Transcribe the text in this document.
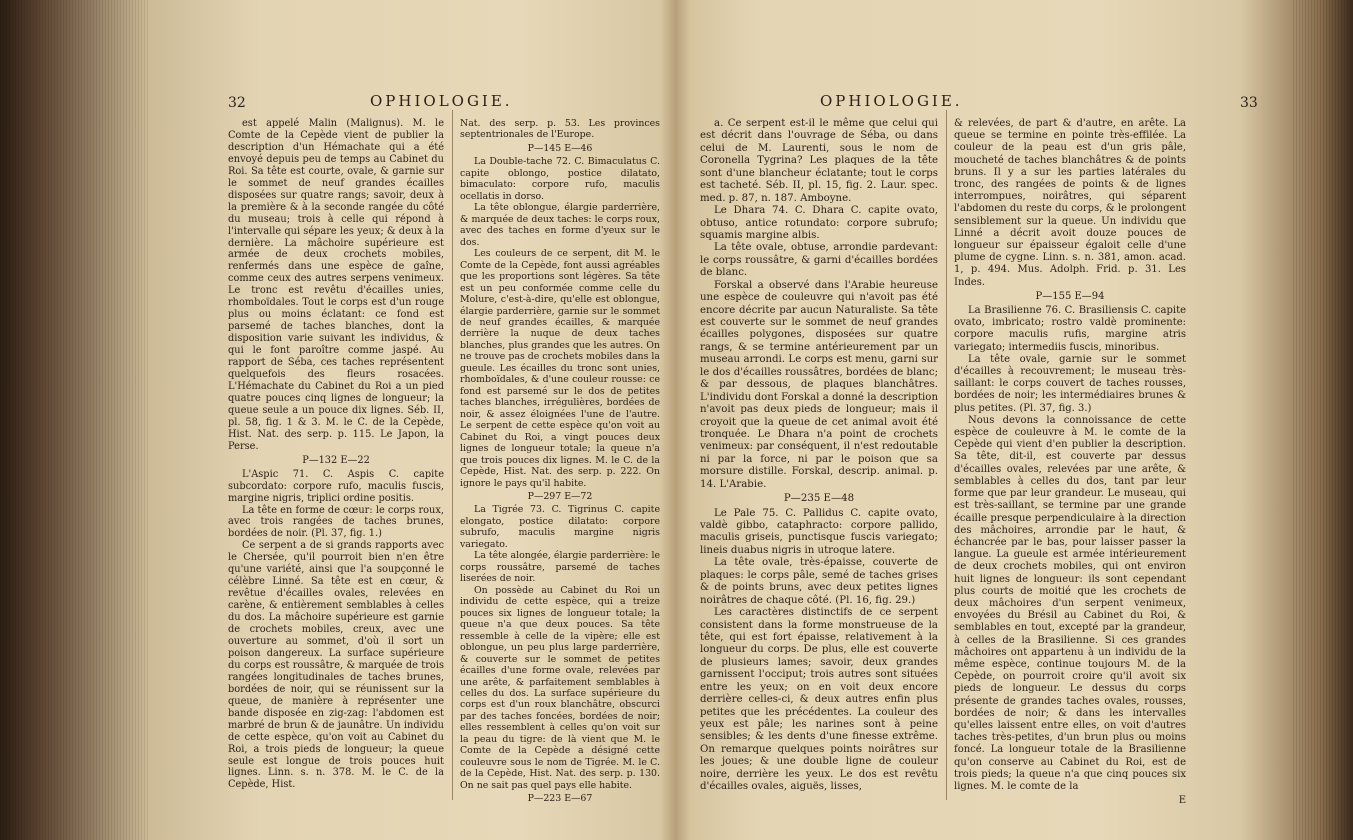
32	OPHIOLOGIE.

est appelé Malin (Malignus). M. le Comte de la Cepède vient de publier la description d'un Hémachate qui a été envoyé depuis peu de temps au Cabinet du Roi. Sa tête est courte, ovale, & garnie sur le sommet de neuf grandes écailles disposées sur quatre rangs; savoir, deux à la première & à la seconde rangée du côté du museau; trois à celle qui répond à l'intervalle qui sépare les yeux; & deux à la dernière. La mâchoire supérieure est armée de deux crochets mobiles, renfermés dans une espèce de gaîne, comme ceux des autres serpens venimeux. Le tronc est revêtu d'écailles unies, rhomboïdales. Tout le corps est d'un rouge plus ou moins éclatant: ce fond est parsemé de taches blanches, dont la disposition varie suivant les individus, & qui le font paroître comme jaspé. Au rapport de Séba, ces taches représentent quelquefois des fleurs rosacées. L'Hémachate du Cabinet du Roi a un pied quatre pouces cinq lignes de longueur; la queue seule a un pouce dix lignes. Séb. II, pl. 58, fig. 1 & 3. M. le C. de la Cepède, Hist. Nat. des serp. p. 115. Le Japon, la Perse.

P—132 E—22

L'Aspic 71. C. Aspis C. capite subcordato: corpore rufo, maculis fuscis, margine nigris, triplici ordine positis.

La tête en forme de cœur: le corps roux, avec trois rangées de taches brunes, bordées de noir. (Pl. 37, fig. 1.)

Ce serpent a de si grands rapports avec le Chersée, qu'il pourroit bien n'en être qu'une variété, ainsi que l'a soupçonné le célèbre Linné. Sa tête est en cœur, & revêtue d'écailles ovales, relevées en carène, & entièrement semblables à celles du dos. La mâchoire supérieure est garnie de crochets mobiles, creux, avec une ouverture au sommet, d'où il sort un poison dangereux. La surface supérieure du corps est roussâtre, & marquée de trois rangées longitudinales de taches brunes, bordées de noir, qui se réunissent sur la queue, de manière à représenter une bande disposée en zig-zag: l'abdomen est marbré de brun & de jaunâtre. Un individu de cette espèce, qu'on voit au Cabinet du Roi, a trois pieds de longueur; la queue seule est longue de trois pouces huit lignes. Linn. s. n. 378. M. le C. de la Cepède, Hist.

Nat. des serp. p. 53. Les provinces septentrionales de l'Europe.

P—145 E—46

La Double-tache 72. C. Bimaculatus C. capite oblongo, postice dilatato, bimaculato: corpore rufo, maculis ocellatis in dorso.

La tête oblongue, élargie parderrière, & marquée de deux taches: le corps roux, avec des taches en forme d'yeux sur le dos.

Les couleurs de ce serpent, dit M. le Comte de la Cepède, font aussi agréables que les proportions sont légères. Sa tête est un peu conformée comme celle du Molure, c'est-à-dire, qu'elle est oblongue, élargie parderrière, garnie sur le sommet de neuf grandes écailles, & marquée derrière la nuque de deux taches blanches, plus grandes que les autres. On ne trouve pas de crochets mobiles dans la gueule. Les écailles du tronc sont unies, rhomboïdales, & d'une couleur rousse: ce fond est parsemé sur le dos de petites taches blanches, irrégulières, bordées de noir, & assez éloignées l'une de l'autre. Le serpent de cette espèce qu'on voit au Cabinet du Roi, a vingt pouces deux lignes de longueur totale; la queue n'a que trois pouces dix lignes. M. le C. de la Cepède, Hist. Nat. des serp. p. 222. On ignore le pays qu'il habite.

P—297 E—72

La Tigrée 73. C. Tigrinus C. capite elongato, postice dilatato: corpore subrufo, maculis margine nigris variegato.

La tête alongée, élargie parderrière: le corps roussâtre, parsemé de taches liserées de noir.

On possède au Cabinet du Roi un individu de cette espèce, qui a treize pouces six lignes de longueur totale; la queue n'a que deux pouces. Sa tête ressemble à celle de la vipère; elle est oblongue, un peu plus large parderrière, & couverte sur le sommet de petites écailles d'une forme ovale, relevées par une arête, & parfaitement semblables à celles du dos. La surface supérieure du corps est d'un roux blanchâtre, obscurci par des taches foncées, bordées de noir; elles ressemblent à celles qu'on voit sur la peau du tigre: de là vient que M. le Comte de la Cepède a désigné cette couleuvre sous le nom de Tigrée. M. le C. de la Cepède, Hist. Nat. des serp. p. 130. On ne sait pas quel pays elle habite.

P—223 E—67

OPHIOLOGIE.	33

a. Ce serpent est-il le même que celui qui est décrit dans l'ouvrage de Séba, ou dans celui de M. Laurenti, sous le nom de Coronella Tygrina? Les plaques de la tête sont d'une blancheur éclatante; tout le corps est tacheté. Séb. II, pl. 15, fig. 2. Laur. spec. med. p. 87, n. 187. Amboyne.

Le Dhara 74. C. Dhara C. capite ovato, obtuso, antice rotundato: corpore subrufo; squamis margine albis.

La tête ovale, obtuse, arrondie pardevant: le corps roussâtre, & garni d'écailles bordées de blanc.

Forskal a observé dans l'Arabie heureuse une espèce de couleuvre qui n'avoit pas été encore décrite par aucun Naturaliste. Sa tête est couverte sur le sommet de neuf grandes écailles polygones, disposées sur quatre rangs, & se termine antérieurement par un museau arrondi. Le corps est menu, garni sur le dos d'écailles roussâtres, bordées de blanc; & par dessous, de plaques blanchâtres. L'individu dont Forskal a donné la description n'avoit pas deux pieds de longueur; mais il croyoit que la queue de cet animal avoit été tronquée. Le Dhara n'a point de crochets venimeux: par conséquent, il n'est redoutable ni par la force, ni par le poison que sa morsure distille. Forskal, descrip. animal. p. 14. L'Arabie.

P—235 E—48

Le Pale 75. C. Pallidus C. capite ovato, valdè gibbo, cataphracto: corpore pallido, maculis griseis, punctisque fuscis variegato; lineis duabus nigris in utroque latere.

La tête ovale, très-épaisse, couverte de plaques: le corps pâle, semé de taches grises & de points bruns, avec deux petites lignes noirâtres de chaque côté. (Pl. 16, fig. 29.)

Les caractères distinctifs de ce serpent consistent dans la forme monstrueuse de la tête, qui est fort épaisse, relativement à la longueur du corps. De plus, elle est couverte de plusieurs lames; savoir, deux grandes garnissent l'occiput; trois autres sont situées entre les yeux; on en voit deux encore derrière celles-ci, & deux autres enfin plus petites que les précédentes. La couleur des yeux est pâle; les narines sont à peine sensibles; & les dents d'une finesse extrême. On remarque quelques points noirâtres sur les joues; & une double ligne de couleur noire, derrière les yeux. Le dos est revêtu d'écailles ovales, aiguës, lisses,

& relevées, de part & d'autre, en arête. La queue se termine en pointe très-effilée. La couleur de la peau est d'un gris pâle, moucheté de taches blanchâtres & de points bruns. Il y a sur les parties latérales du tronc, des rangées de points & de lignes interrompues, noirâtres, qui séparent l'abdomen du reste du corps, & le prolongent sensiblement sur la queue. Un individu que Linné a décrit avoit douze pouces de longueur sur épaisseur égaloit celle d'une plume de cygne. Linn. s. n. 381, amon. acad. 1, p. 494. Mus. Adolph. Frid. p. 31. Les Indes.

P—155 E—94

La Brasilienne 76. C. Brasiliensis C. capite ovato, imbricato; rostro valdè prominente: corpore maculis rufis, margine atris variegato; intermediis fuscis, minoribus.

La tête ovale, garnie sur le sommet d'écailles à recouvrement; le museau très-saillant: le corps couvert de taches rousses, bordées de noir; les intermédiaires brunes & plus petites. (Pl. 37, fig. 3.)

Nous devons la connoissance de cette espèce de couleuvre à M. le comte de la Cepède qui vient d'en publier la description. Sa tête, dit-il, est couverte par dessus d'écailles ovales, relevées par une arête, & semblables à celles du dos, tant par leur forme que par leur grandeur. Le museau, qui est très-saillant, se termine par une grande écaille presque perpendiculaire à la direction des mâchoires, arrondie par le haut, & échancrée par le bas, pour laisser passer la langue. La gueule est armée intérieurement de deux crochets mobiles, qui ont environ huit lignes de longueur: ils sont cependant plus courts de moitié que les crochets de deux mâchoires d'un serpent venimeux, envoyées du Brésil au Cabinet du Roi, & semblables en tout, excepté par la grandeur, à celles de la Brasilienne. Si ces grandes mâchoires ont appartenu à un individu de la même espèce, continue toujours M. de la Cepède, on pourroit croire qu'il avoit six pieds de longueur. Le dessus du corps présente de grandes taches ovales, rousses, bordées de noir; & dans les intervalles qu'elles laissent entre elles, on voit d'autres taches très-petites, d'un brun plus ou moins foncé. La longueur totale de la Brasilienne qu'on conserve au Cabinet du Roi, est de trois pieds; la queue n'a que cinq pouces six lignes. M. le comte de la

E
